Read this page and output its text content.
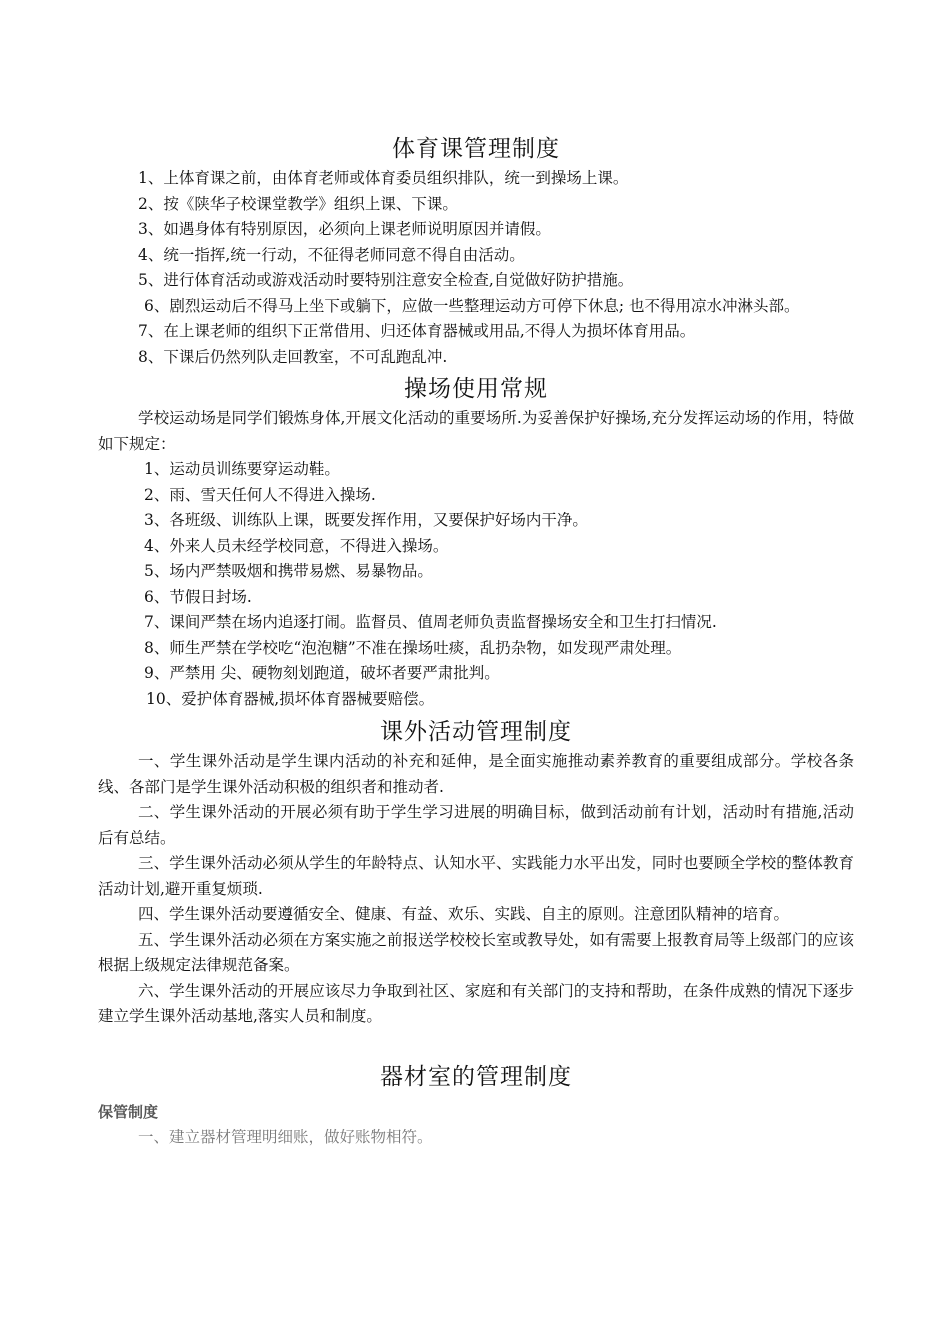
体育课管理制度

1、上体育课之前，由体育老师或体育委员组织排队，统一到操场上课。

2、按《陕华子校课堂教学》组织上课、下课。

3、如遇身体有特别原因，必须向上课老师说明原因并请假。

4、统一指挥,统一行动，不征得老师同意不得自由活动。

5、进行体育活动或游戏活动时要特别注意安全检查,自觉做好防护措施。

6、剧烈运动后不得马上坐下或躺下，应做一些整理运动方可停下休息; 也不得用凉水冲淋头部。

7、在上课老师的组织下正常借用、归还体育器械或用品,不得人为损坏体育用品。

8、下课后仍然列队走回教室，不可乱跑乱冲.

操场使用常规

学校运动场是同学们锻炼身体,开展文化活动的重要场所.为妥善保护好操场,充分发挥运动场的作用，特做如下规定：

1、运动员训练要穿运动鞋。

2、雨、雪天任何人不得进入操场.

3、各班级、训练队上课，既要发挥作用，又要保护好场内干净。

4、外来人员未经学校同意，不得进入操场。

5、场内严禁吸烟和携带易燃、易暴物品。

6、节假日封场.

7、课间严禁在场内追逐打闹。监督员、值周老师负责监督操场安全和卫生打扫情况.

8、师生严禁在学校吃“泡泡糖”不准在操场吐痰，乱扔杂物，如发现严肃处理。

9、严禁用 尖、硬物刻划跑道，破坏者要严肃批判。

10、爱护体育器械,损坏体育器械要赔偿。

课外活动管理制度

一、学生课外活动是学生课内活动的补充和延伸，是全面实施推动素养教育的重要组成部分。学校各条线、各部门是学生课外活动积极的组织者和推动者.

二、学生课外活动的开展必须有助于学生学习进展的明确目标，做到活动前有计划，活动时有措施,活动后有总结。

三、学生课外活动必须从学生的年龄特点、认知水平、实践能力水平出发，同时也要顾全学校的整体教育活动计划,避开重复烦琐.

四、学生课外活动要遵循安全、健康、有益、欢乐、实践、自主的原则。注意团队精神的培育。

五、学生课外活动必须在方案实施之前报送学校校长室或教导处，如有需要上报教育局等上级部门的应该根据上级规定法律规范备案。

六、学生课外活动的开展应该尽力争取到社区、家庭和有关部门的支持和帮助，在条件成熟的情况下逐步建立学生课外活动基地,落实人员和制度。

器材室的管理制度

保管制度

一、建立器材管理明细账，做好账物相符。
